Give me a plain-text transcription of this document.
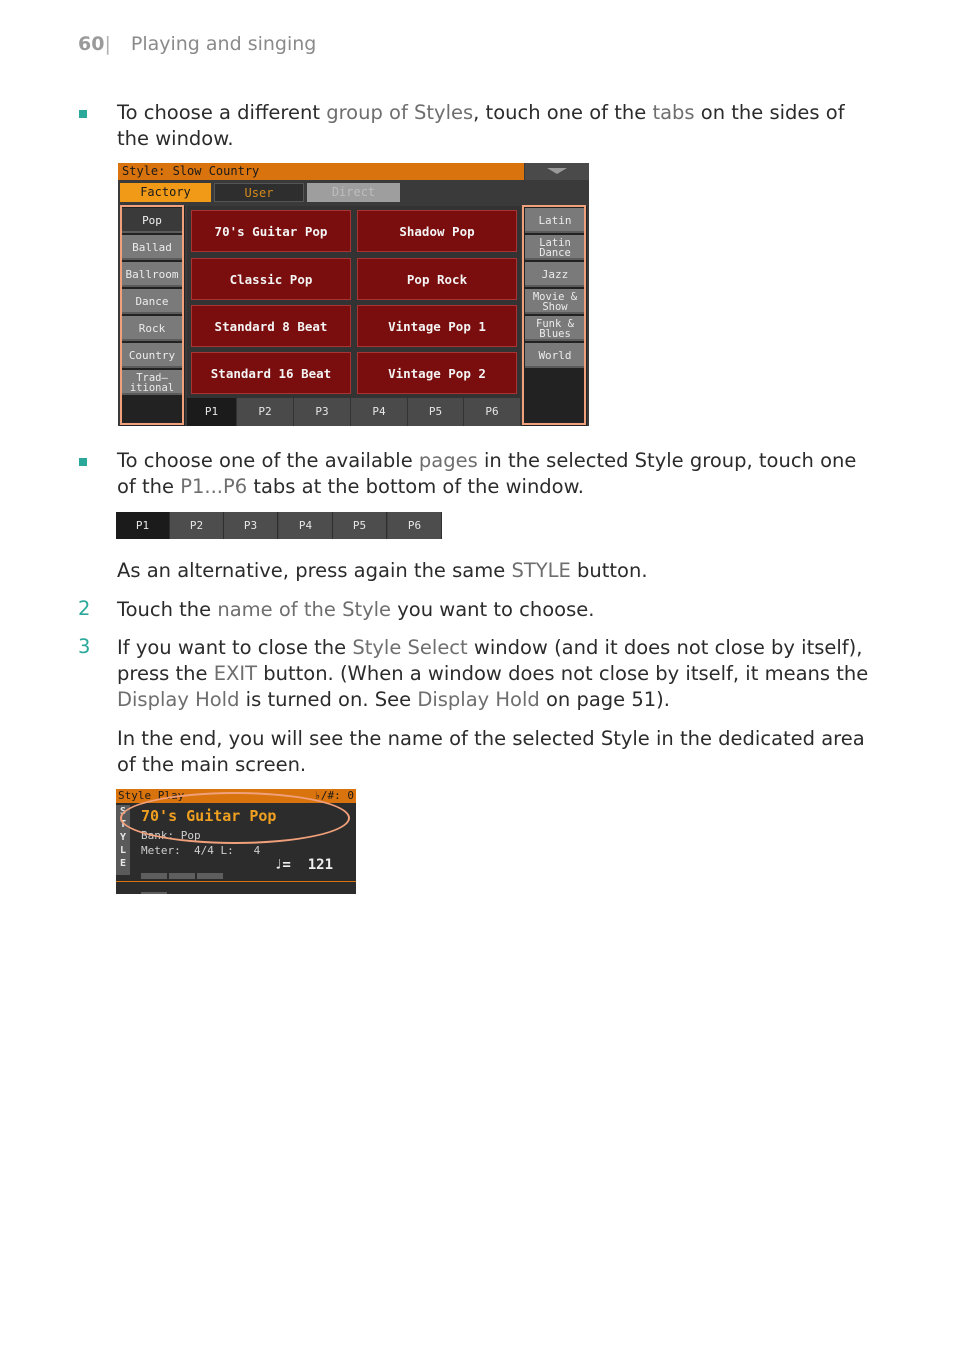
60| Playing and singing
To choose a different group of Styles, touch one of the tabs on the sides of the window.
Style: Slow Country
Factory	User	Direct
Pop
Ballad
Ballroom
Dance
Rock
Country
Trad–
itional
Latin
Latin
Dance
Jazz
Movie &
Show
Funk &
Blues
World
70's Guitar Pop	Shadow Pop
Classic Pop	Pop Rock
Standard 8 Beat	Vintage Pop 1
Standard 16 Beat	Vintage Pop 2
P1	P2	P3	P4	P5	P6
To choose one of the available pages in the selected Style group, touch one of the P1...P6 tabs at the bottom of the window.
P1	P2	P3	P4	P5	P6
As an alternative, press again the same STYLE button.
2 Touch the name of the Style you want to choose.
3 If you want to close the Style Select window (and it does not close by itself), press the EXIT button. (When a window does not close by itself, it means the Display Hold is turned on. See Display Hold on page 51).
In the end, you will see the name of the selected Style in the dedicated area of the main screen.
Style Play	♭/#: 0
S
T
Y
L
E
70's Guitar Pop
Bank: Pop
Meter:  4/4 L:   4
♩=  121
